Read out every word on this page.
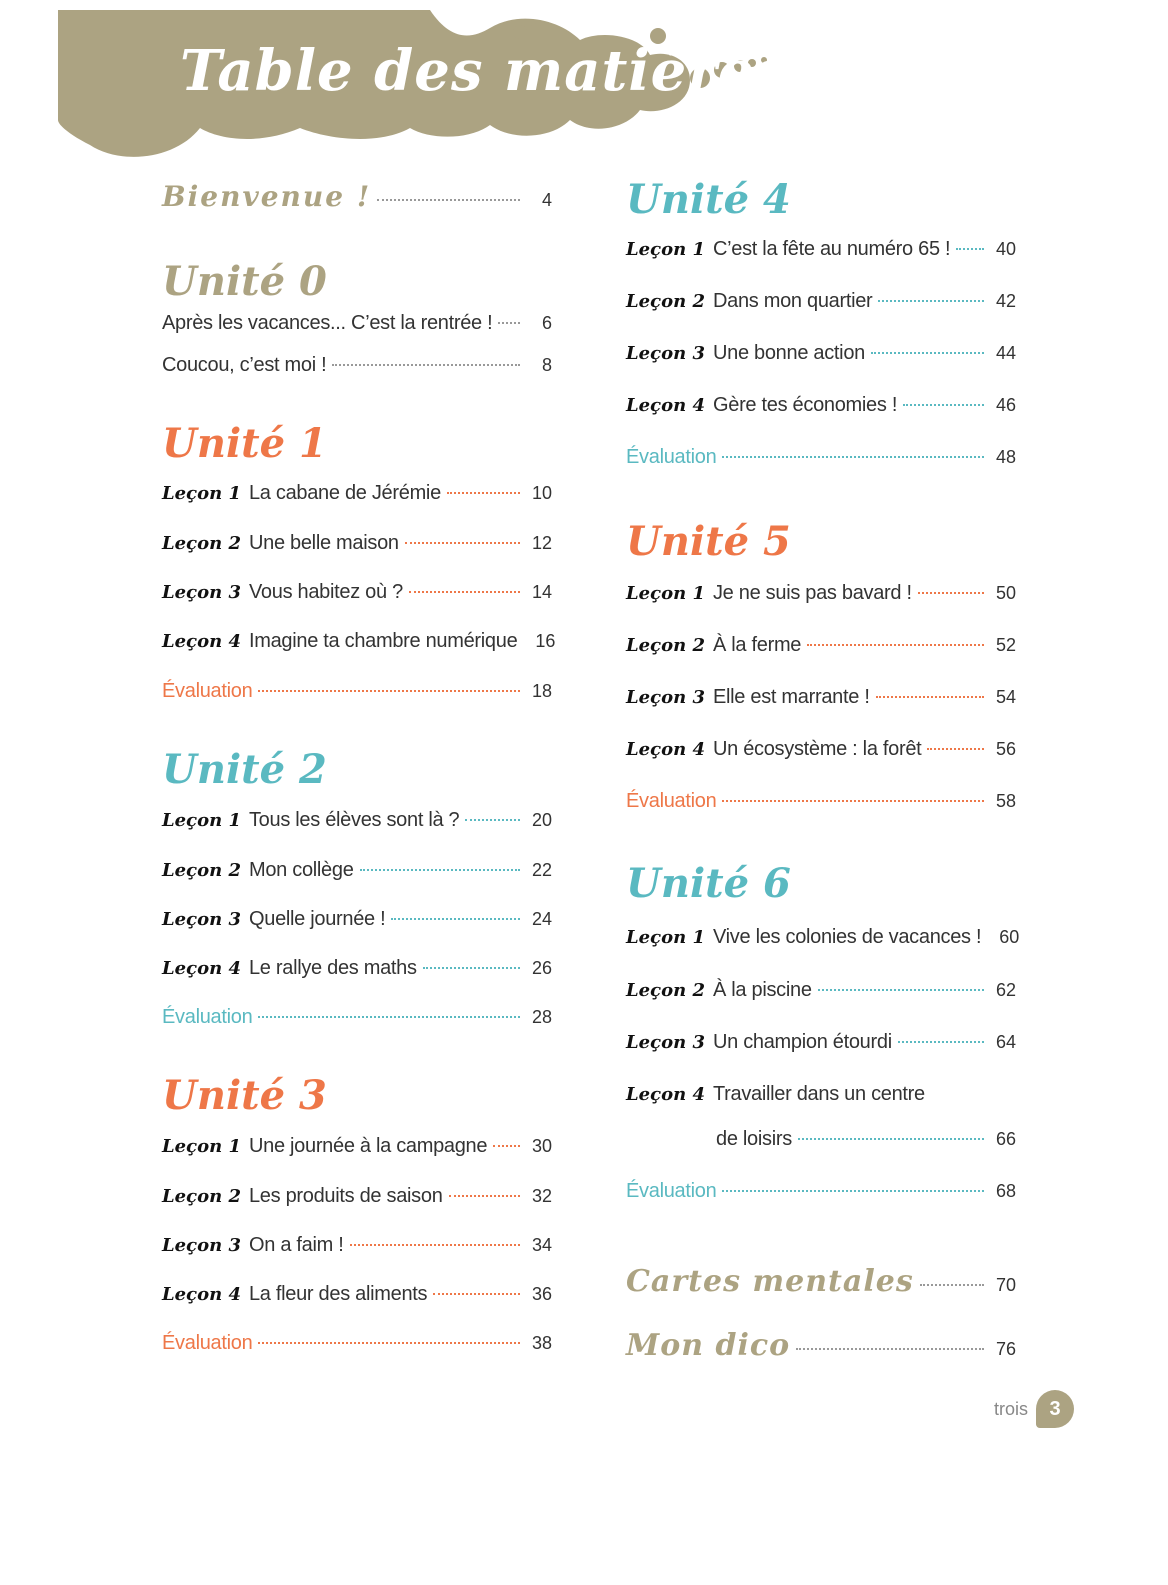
Table des matières
Bienvenue !	4
Unité 0
Après les vacances... C’est la rentrée !	6
Coucou, c’est moi !	8
Unité 1
Leçon 1 La cabane de Jérémie	10
Leçon 2 Une belle maison	12
Leçon 3 Vous habitez où ?	14
Leçon 4 Imagine ta chambre numérique 16
Évaluation	18
Unité 2
Leçon 1 Tous les élèves sont là ?	20
Leçon 2 Mon collège	22
Leçon 3 Quelle journée !	24
Leçon 4 Le rallye des maths	26
Évaluation	28
Unité 3
Leçon 1 Une journée à la campagne	30
Leçon 2 Les produits de saison	32
Leçon 3 On a faim !	34
Leçon 4 La fleur des aliments	36
Évaluation	38
Unité 4
Leçon 1 C’est la fête au numéro 65 !	40
Leçon 2 Dans mon quartier	42
Leçon 3 Une bonne action	44
Leçon 4 Gère tes économies !	46
Évaluation	48
Unité 5
Leçon 1 Je ne suis pas bavard !	50
Leçon 2 À la ferme	52
Leçon 3 Elle est marrante !	54
Leçon 4 Un écosystème : la forêt	56
Évaluation	58
Unité 6
Leçon 1 Vive les colonies de vacances ! 60
Leçon 2 À la piscine	62
Leçon 3 Un champion étourdi	64
Leçon 4 Travailler dans un centre
de loisirs	66
Évaluation	68
Cartes mentales	70
Mon dico	76
trois	3
